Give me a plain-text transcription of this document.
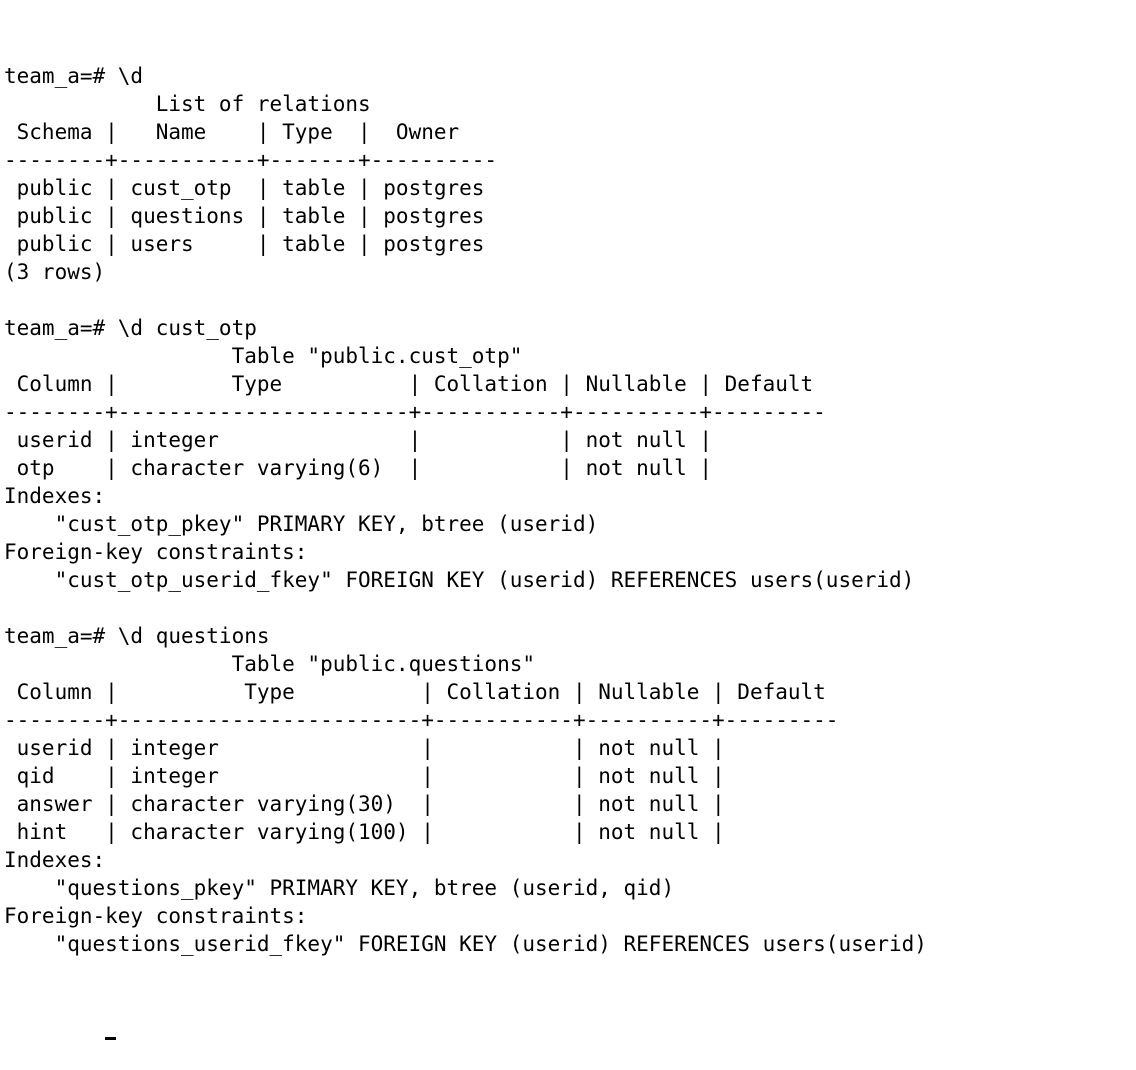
team_a=# \d
List of relations
Schema |   Name    | Type  |  Owner
--------+-----------+-------+----------
public | cust_otp  | table | postgres
public | questions | table | postgres
public | users     | table | postgres
(3 rows)

team_a=# \d cust_otp
Table "public.cust_otp"
Column |         Type          | Collation | Nullable | Default
--------+-----------------------+-----------+----------+---------
userid | integer               |           | not null |
otp    | character varying(6)  |           | not null |
Indexes:
"cust_otp_pkey" PRIMARY KEY, btree (userid)
Foreign-key constraints:
"cust_otp_userid_fkey" FOREIGN KEY (userid) REFERENCES users(userid)

team_a=# \d questions
Table "public.questions"
Column |          Type          | Collation | Nullable | Default
--------+------------------------+-----------+----------+---------
userid | integer                |           | not null |
qid    | integer                |           | not null |
answer | character varying(30)  |           | not null |
hint   | character varying(100) |           | not null |
Indexes:
"questions_pkey" PRIMARY KEY, btree (userid, qid)
Foreign-key constraints:
"questions_userid_fkey" FOREIGN KEY (userid) REFERENCES users(userid)
